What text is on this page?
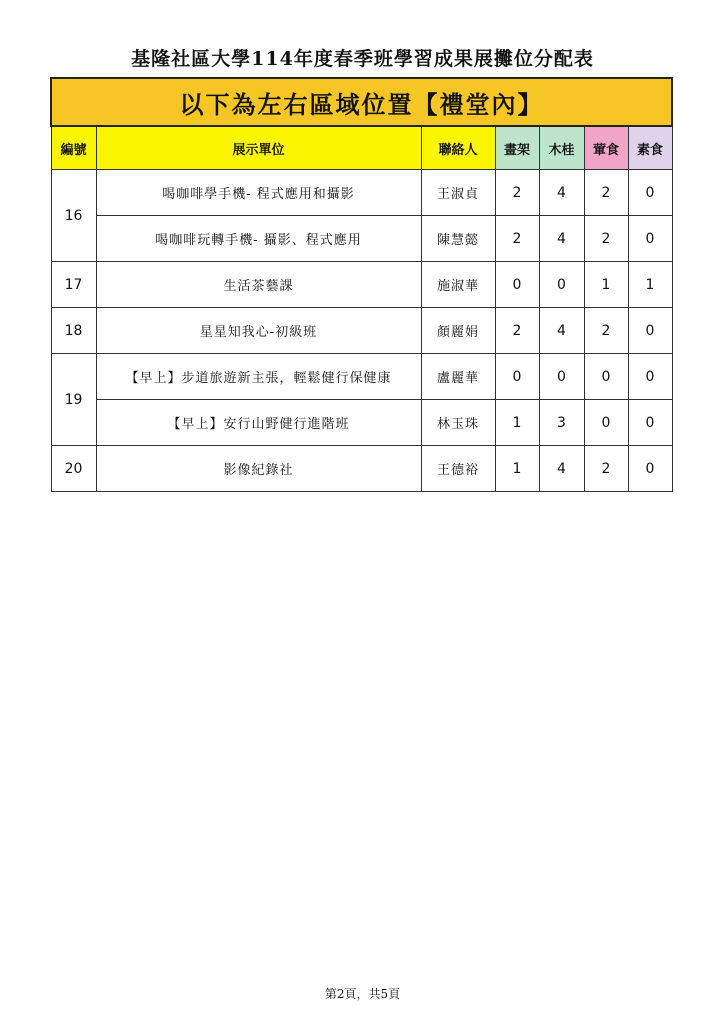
基隆社區大學114年度春季班學習成果展攤位分配表
以下為左右區域位置【禮堂內】						
編號	展示單位	聯絡人	畫架	木桂	葷食	素食
16	喝咖啡學手機- 程式應用和攝影	王淑貞	2	4	2	0
	喝咖啡玩轉手機- 攝影、程式應用	陳慧懿	2	4	2	0
17	生活茶藝課	施淑華	0	0	1	1
18	星星知我心-初級班	顏麗娟	2	4	2	0
19	【早上】步道旅遊新主張，輕鬆健行保健康	盧麗華	0	0	0	0
	【早上】安行山野健行進階班	林玉珠	1	3	0	0
20	影像紀錄社	王德裕	1	4	2	0
第2頁，共5頁
